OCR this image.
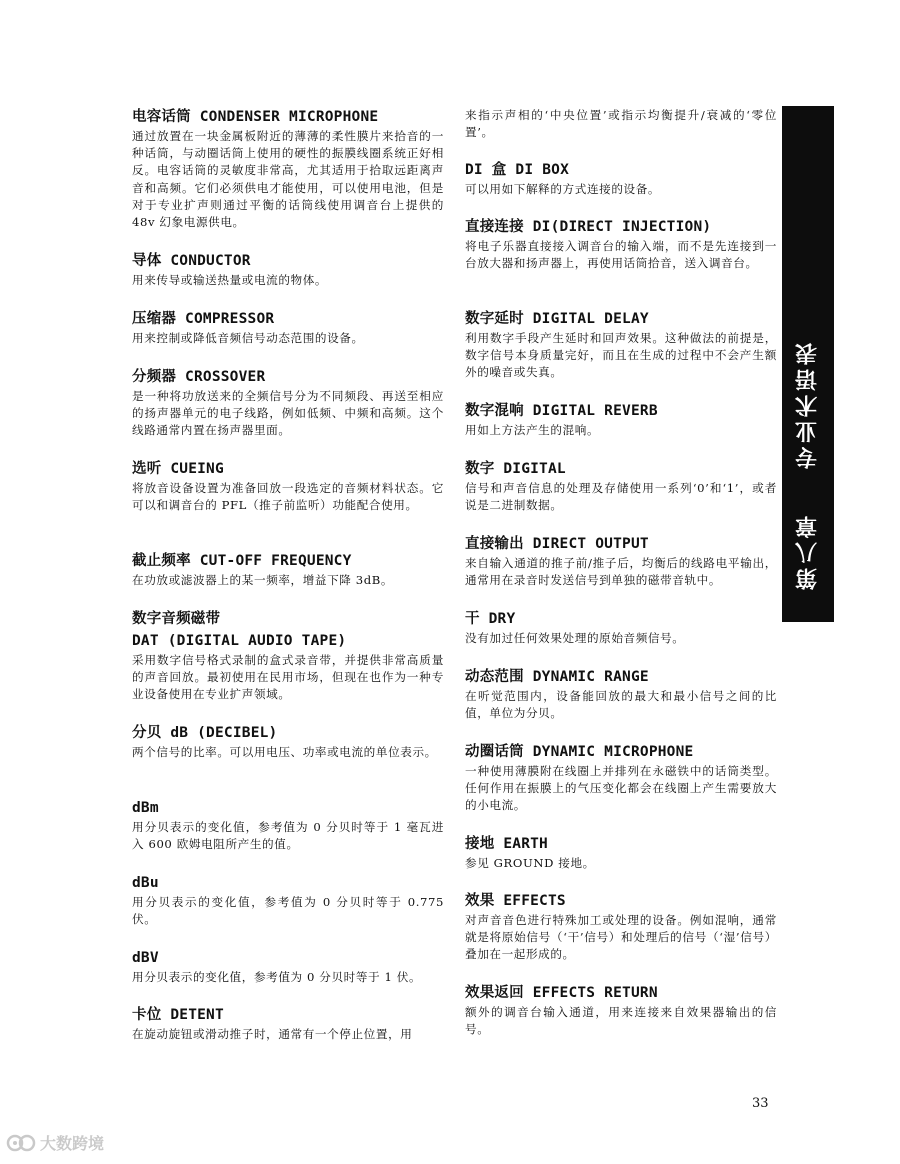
电容话筒 CONDENSER MICROPHONE

通过放置在一块金属板附近的薄薄的柔性膜片来拾音的一种话筒，与动圈话筒上使用的硬性的振膜线圈系统正好相反。电容话筒的灵敏度非常高，尤其适用于拾取远距离声音和高频。它们必须供电才能使用，可以使用电池，但是对于专业扩声则通过平衡的话筒线使用调音台上提供的 48v 幻象电源供电。

导体 CONDUCTOR

用来传导或输送热量或电流的物体。

压缩器 COMPRESSOR

用来控制或降低音频信号动态范围的设备。

分频器 CROSSOVER

是一种将功放送来的全频信号分为不同频段、再送至相应的扬声器单元的电子线路，例如低频、中频和高频。这个线路通常内置在扬声器里面。

选听 CUEING

将放音设备设置为准备回放一段选定的音频材料状态。它可以和调音台的 PFL（推子前监听）功能配合使用。

截止频率 CUT-OFF FREQUENCY

在功放或滤波器上的某一频率，增益下降 3dB。

数字音频磁带

DAT (DIGITAL AUDIO TAPE)

采用数字信号格式录制的盒式录音带，并提供非常高质量的声音回放。最初使用在民用市场，但现在也作为一种专业设备使用在专业扩声领域。

分贝 dB (DECIBEL)

两个信号的比率。可以用电压、功率或电流的单位表示。

dBm

用分贝表示的变化值，参考值为 0 分贝时等于 1 毫瓦进入 600 欧姆电阻所产生的值。

dBu

用分贝表示的变化值，参考值为 0 分贝时等于 0.775伏。

dBV

用分贝表示的变化值，参考值为 0 分贝时等于 1 伏。

卡位 DETENT

在旋动旋钮或滑动推子时，通常有一个停止位置，用

来指示声相的‘中央位置’或指示均衡提升/衰减的‘零位置’。

DI 盒 DI BOX

可以用如下解释的方式连接的设备。

直接连接 DI(DIRECT INJECTION)

将电子乐器直接接入调音台的输入端，而不是先连接到一台放大器和扬声器上，再使用话筒拾音，送入调音台。

数字延时 DIGITAL DELAY

利用数字手段产生延时和回声效果。这种做法的前提是，数字信号本身质量完好，而且在生成的过程中不会产生额外的噪音或失真。

数字混响 DIGITAL REVERB

用如上方法产生的混响。

数字 DIGITAL

信号和声音信息的处理及存储使用一系列‘0’和‘1’，或者说是二进制数据。

直接输出 DIRECT OUTPUT

来自输入通道的推子前/推子后，均衡后的线路电平输出，通常用在录音时发送信号到单独的磁带音轨中。

干 DRY

没有加过任何效果处理的原始音频信号。

动态范围 DYNAMIC RANGE

在听觉范围内，设备能回放的最大和最小信号之间的比值，单位为分贝。

动圈话筒 DYNAMIC MICROPHONE

一种使用薄膜附在线圈上并排列在永磁铁中的话筒类型。任何作用在振膜上的气压变化都会在线圈上产生需要放大的小电流。

接地 EARTH

参见 GROUND 接地。

效果 EFFECTS

对声音音色进行特殊加工或处理的设备。例如混响，通常就是将原始信号（‘干’信号）和处理后的信号（‘湿’信号）叠加在一起形成的。

效果返回 EFFECTS RETURN

额外的调音台输入通道，用来连接来自效果器输出的信号。

专业术语表
第八章
33
大数跨境
